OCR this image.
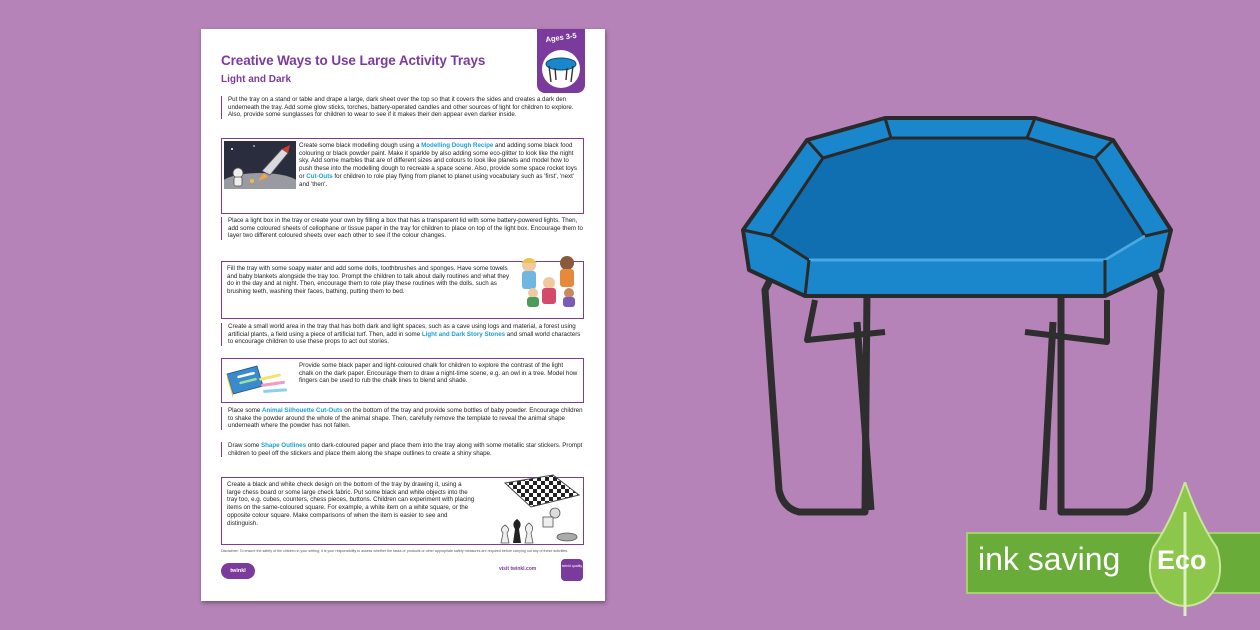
Creative Ways to Use Large Activity Trays
Light and Dark
Ages 3-5

Put the tray on a stand or table and drape a large, dark sheet over the top so that it covers the sides and creates a dark den underneath the tray. Add some glow sticks, torches, battery-operated candles and other sources of light for children to explore. Also, provide some sunglasses for children to wear to see if it makes their den appear even darker inside.

Create some black modelling dough using a Modelling Dough Recipe and adding some black food colouring or black powder paint. Make it sparkle by also adding some eco-glitter to look like the night sky. Add some marbles that are of different sizes and colours to look like planets and model how to push these into the modelling dough to recreate a space scene. Also, provide some space rocket toys or Cut-Outs for children to role play flying from planet to planet using vocabulary such as 'first', 'next' and 'then'.

Place a light box in the tray or create your own by filling a box that has a transparent lid with some battery-powered lights. Then, add some coloured sheets of cellophane or tissue paper in the tray for children to place on top of the light box. Encourage them to layer two different coloured sheets over each other to see if the colour changes.

Fill the tray with some soapy water and add some dolls, toothbrushes and sponges. Have some towels and baby blankets alongside the tray too. Prompt the children to talk about daily routines and what they do in the day and at night. Then, encourage them to role play these routines with the dolls, such as brushing teeth, washing their faces, bathing, putting them to bed.

Create a small world area in the tray that has both dark and light spaces, such as a cave using logs and material, a forest using artificial plants, a field using a piece of artificial turf. Then, add in some Light and Dark Story Stones and small world characters to encourage children to use these props to act out stories.

Provide some black paper and light-coloured chalk for children to explore the contrast of the light chalk on the dark paper. Encourage them to draw a night-time scene, e.g. an owl in a tree. Model how fingers can be used to rub the chalk lines to blend and shade.

Place some Animal Silhouette Cut-Outs on the bottom of the tray and provide some bottles of baby powder. Encourage children to shake the powder around the whole of the animal shape. Then, carefully remove the template to reveal the animal shape underneath where the powder has not fallen.

Draw some Shape Outlines onto dark-coloured paper and place them into the tray along with some metallic star stickers. Prompt children to peel off the stickers and place them along the shape outlines to create a shiny shape.

Create a black and white check design on the bottom of the tray by drawing it, using a large chess board or some large check fabric. Put some black and white objects into the tray too, e.g. cubes, counters, chess pieces, buttons. Children can experiment with placing items on the same-coloured square. For example, a white item on a white square, or the opposite colour square. Make comparisons of when the item is easier to see and distinguish.

Disclaimer: To ensure the safety of the children in your setting, it is your responsibility to assess whether the tasks or products or other appropriate safety measures are required before carrying out any of these activities.
twinkl	visit twinkl.com	twinkl quality	ink saving Eco
